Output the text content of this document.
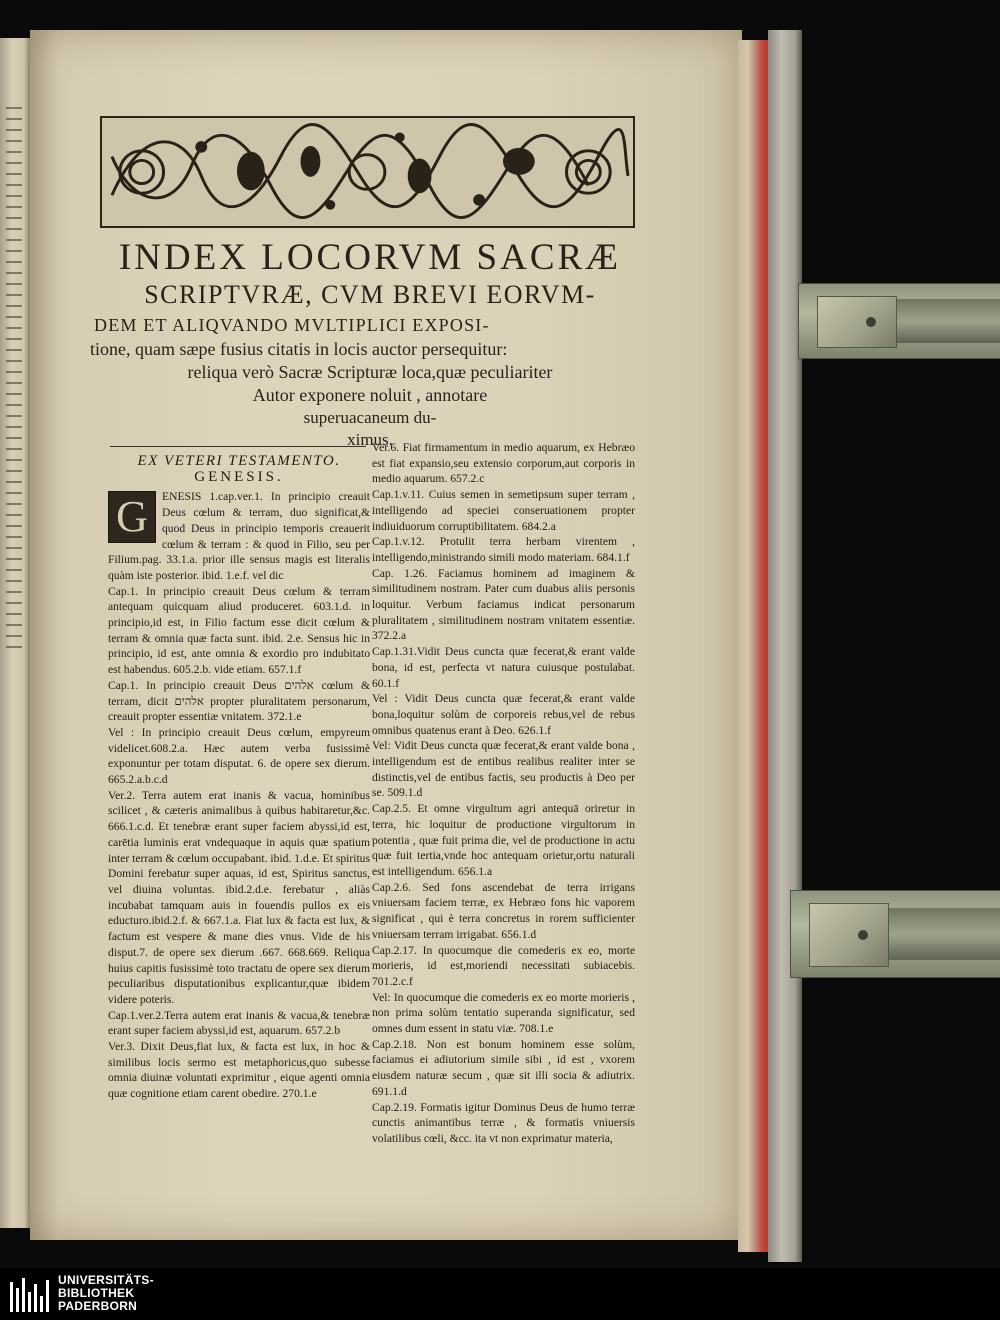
INDEX LOCORVM SACRÆ
SCRIPTVRÆ, CVM BREVI EORVM-
DEM ET ALIQVANDO MVLTIPLICI EXPOSI-
tione, quam sæpe fusius citatis in locis auctor persequitur:
reliqua verò Sacræ Scripturæ loca,quæ peculiariter
Autor exponere noluit , annotare
superuacaneum du-
ximus.
EX VETERI TESTAMENTO.
GENESIS.
G	ENESIS 1.cap.ver.1. In principio creauit Deus cœlum & terram, duo significat,& quod Deus in principio temporis creauerit cœlum & terram : & quod in Filio, seu per Filium.pag. 33.1.a. prior ille sensus magis est literalis quàm iste posterior. ibid. 1.e.f. vel dic
Cap.1. In principio creauit Deus cœlum & terram antequam quicquam aliud produceret. 603.1.d. in principio,id est, in Filio factum esse dicit cœlum & terram & omnia quæ facta sunt. ibid. 2.e. Sensus hic in principio, id est, ante omnia & exordio pro indubitato est habendus. 605.2.b. vide etiam. 657.1.f
Cap.1. In principio creauit Deus אלהים cœlum & terram, dicit אלהים propter pluralitatem personarum, creauit propter essentiæ vnitatem. 372.1.e
Vel : In principio creauit Deus cœlum, empyreum videlicet.608.2.a. Hæc autem verba fusissimè exponuntur per totam disputat. 6. de opere sex dierum. 665.2.a.b.c.d
Ver.2. Terra autem erat inanis & vacua, hominibus scilicet , & cæteris animalibus à quibus habitaretur,&c. 666.1.c.d. Et tenebræ erant super faciem abyssi,id est, carētia luminis erat vndequaque in aquis quæ spatium inter terram & cœlum occupabant. ibid. 1.d.e. Et spiritus Domini ferebatur super aquas, id est, Spiritus sanctus, vel diuina voluntas. ibid.2.d.e. ferebatur , aliàs incubabat tamquam auis in fouendis pullos ex eis educturo.ibid.2.f. & 667.1.a. Fiat lux & facta est lux, & factum est vespere & mane dies vnus. Vide de his disput.7. de opere sex dierum .667. 668.669. Reliqua huius capitis fusissimè toto tractatu de opere sex dierum peculiaribus disputationibus explicantur,quæ ibidem videre poteris.
Cap.1.ver.2.Terra autem erat inanis & vacua,& tenebræ erant super faciem abyssi,id est, aquarum. 657.2.b
Ver.3. Dixit Deus,fiat lux, & facta est lux, in hoc & similibus locis sermo est metaphoricus,quo subesse omnia diuinæ voluntati exprimitur , eique agenti omnia quæ cognitione etiam carent obedire. 270.1.e
Ver.6. Fiat firmamentum in medio aquarum, ex Hebræo est fiat expansio,seu extensio corporum,aut corporis in medio aquarum. 657.2.c
Cap.1.v.11. Cuius semen in semetipsum super terram , intelligendo ad speciei conseruationem propter indiuiduorum corruptibilitatem. 684.2.a
Cap.1.v.12. Protulit terra herbam virentem , intelligendo,ministrando simili modo materiam. 684.1.f
Cap. 1.26. Faciamus hominem ad imaginem & similitudinem nostram. Pater cum duabus aliis personis loquitur. Verbum faciamus indicat personarum pluralitatem , similitudinem nostram vnitatem essentiæ. 372.2.a
Cap.1.31.Vidit Deus cuncta quæ fecerat,& erant valde bona, id est, perfecta vt natura cuiusque postulabat. 60.1.f
Vel : Vidit Deus cuncta quæ fecerat,& erant valde bona,loquitur solùm de corporeis rebus,vel de rebus omnibus quatenus erant à Deo. 626.1.f
Vel: Vidit Deus cuncta quæ fecerat,& erant valde bona , intelligendum est de entibus realibus realiter inter se distinctis,vel de entibus factis, seu productis à Deo per se. 509.1.d
Cap.2.5. Et omne virgultum agri antequā oriretur in terra, hic loquitur de productione virgultorum in potentia , quæ fuit prima die, vel de productione in actu quæ fuit tertia,vnde hoc antequam orietur,ortu naturali est intelligendum. 656.1.a
Cap.2.6. Sed fons ascendebat de terra irrigans vniuersam faciem terræ, ex Hebræo fons hic vaporem significat , qui è terra concretus in rorem sufficienter vniuersam terram irrigabat. 656.1.d
Cap.2.17. In quocumque die comederis ex eo, morte morieris, id est,moriendi necessitati subiacebis. 701.2.c.f
Vel: In quocumque die comederis ex eo morte morieris , non prima solùm tentatio superanda significatur, sed omnes dum essent in statu viæ. 708.1.e
Cap.2.18. Non est bonum hominem esse solùm, faciamus ei adiutorium simile sibi , id est , vxorem eiusdem naturæ secum , quæ sit illi socia & adiutrix. 691.1.d
Cap.2.19. Formatis igitur Dominus Deus de humo terræ cunctis animantibus terræ , & formatis vniuersis volatilibus cœli, &cc. ita vt non exprimatur materia,
UNIVERSITÄTS-
BIBLIOTHEK
PADERBORN
